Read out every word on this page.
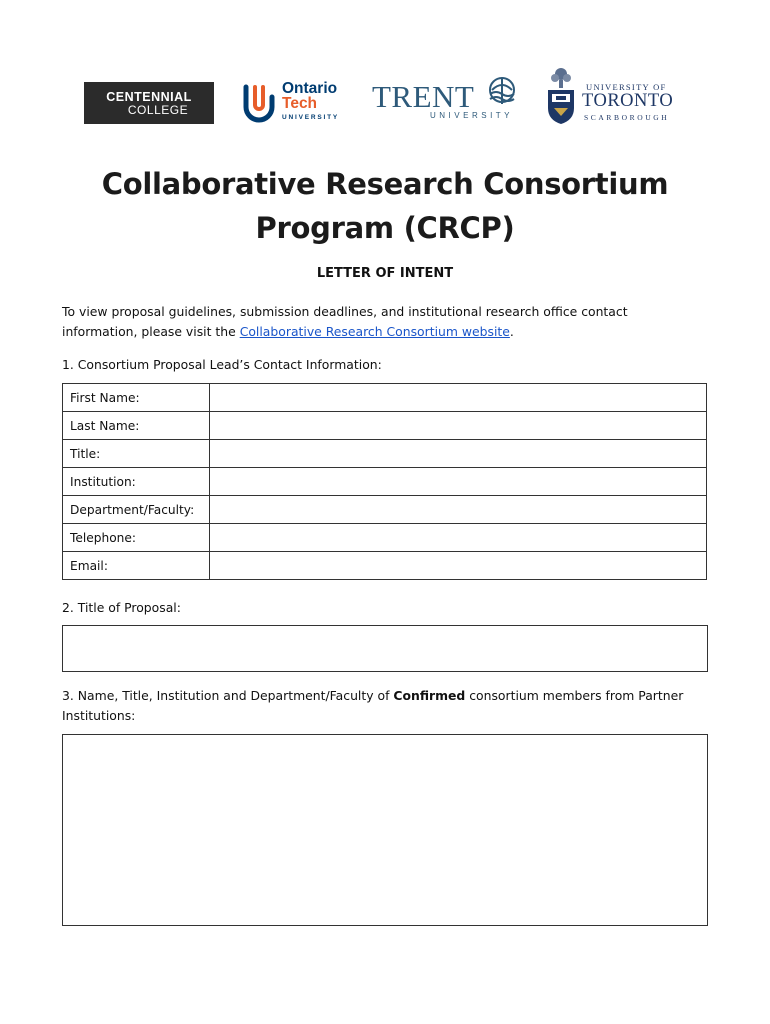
CENTENNIAL
COLLEGE
Ontario
Tech
UNIVERSITY
TRENT
UNIVERSITY
UNIVERSITY OF
TORONTO
SCARBOROUGH
Collaborative Research Consortium
Program (CRCP)
LETTER OF INTENT
To view proposal guidelines, submission deadlines, and institutional research office contact information, please visit the Collaborative Research Consortium website.
1. Consortium Proposal Lead’s Contact Information:
First Name:	
Last Name:	
Title:	
Institution:	
Department/Faculty:	
Telephone:	
Email:	
2. Title of Proposal:
3. Name, Title, Institution and Department/Faculty of Confirmed consortium members from Partner Institutions:
